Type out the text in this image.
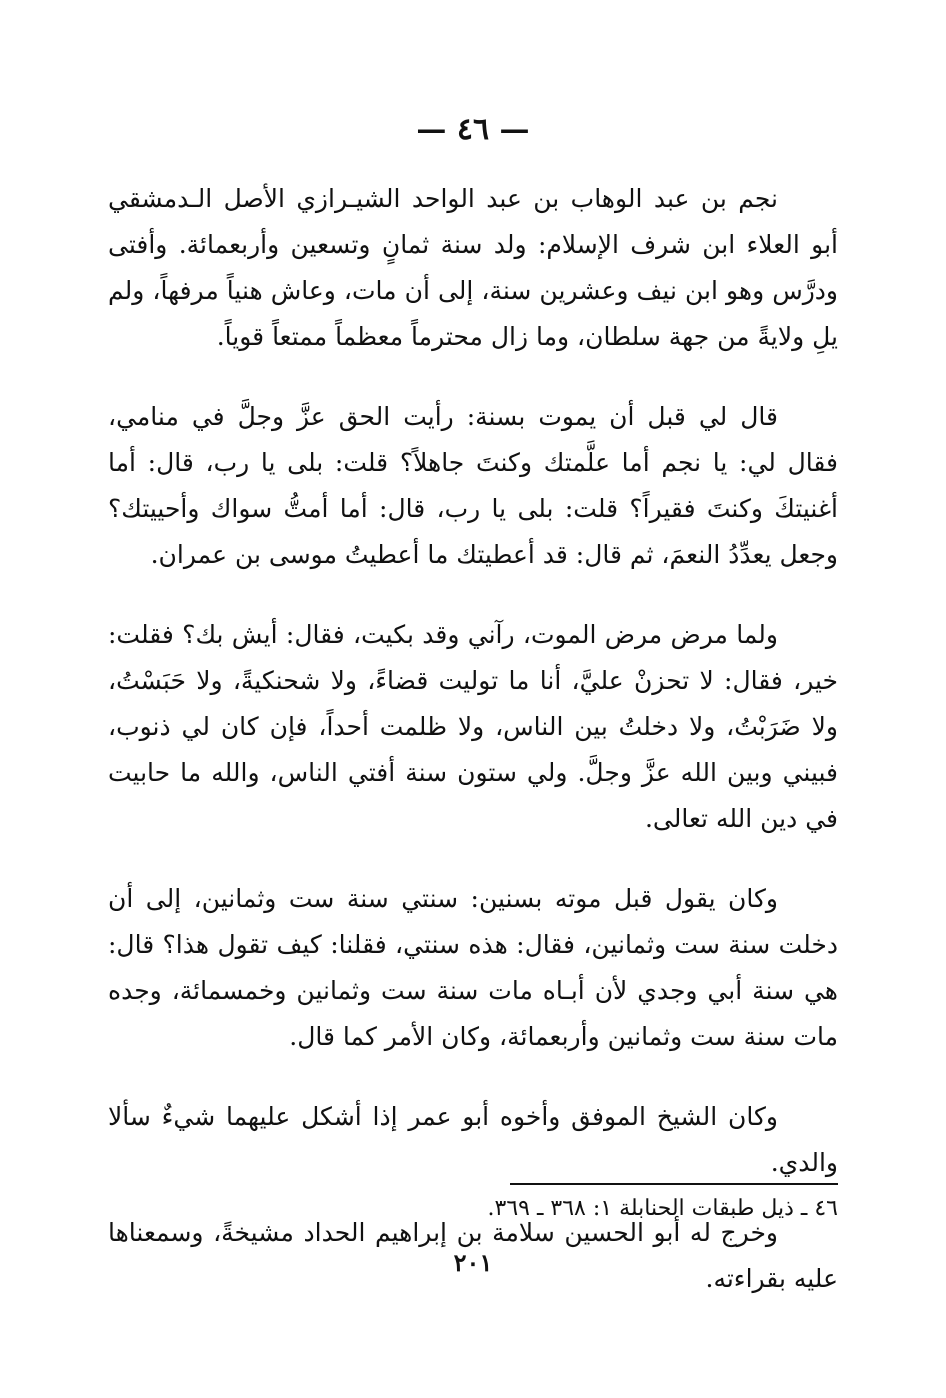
— ٤٦ —

نجم بن عبد الوهاب بن عبد الواحد الشيـرازي الأصل الـدمشقي أبو العلاء ابن شرف الإسلام: ولد سنة ثمانٍ وتسعين وأربعمائة. وأفتى ودرَّس وهو ابن نيف وعشرين سنة، إلى أن مات، وعاش هنياً مرفهاً، ولم يلِ ولايةً من جهة سلطان، وما زال محترماً معظماً ممتعاً قوياً.

قال لي قبل أن يموت بسنة: رأيت الحق عزَّ وجلَّ في منامي، فقال لي: يا نجم أما علَّمتك وكنتَ جاهلاً؟ قلت: بلى يا رب، قال: أما أغنيتكَ وكنتَ فقيراً؟ قلت: بلى يا رب، قال: أما أمتُّ سواك وأحييتك؟ وجعل يعدِّدُ النعمَ، ثم قال: قد أعطيتك ما أعطيتُ موسى بن عمران.

ولما مرض مرض الموت، رآني وقد بكيت، فقال: أيش بك؟ فقلت: خير، فقال: لا تحزنْ عليَّ، أنا ما توليت قضاءً، ولا شحنكيةً، ولا حَبَسْتُ، ولا ضَرَبْتُ، ولا دخلتُ بين الناس، ولا ظلمت أحداً، فإن كان لي ذنوب، فبيني وبين الله عزَّ وجلَّ. ولي ستون سنة أفتي الناس، والله ما حابيت في دين الله تعالى.

وكان يقول قبل موته بسنين: سنتي سنة ست وثمانين، إلى أن دخلت سنة ست وثمانين، فقال: هذه سنتي، فقلنا: كيف تقول هذا؟ قال: هي سنة أبي وجدي لأن أبـاه مات سنة ست وثمانين وخمسمائة، وجده مات سنة ست وثمانين وأربعمائة، وكان الأمر كما قال.

وكان الشيخ الموفق وأخوه أبو عمر إذا أشكل عليهما شيءٌ سألا والدي.

وخرج له أبو الحسين سلامة بن إبراهيم الحداد مشيخةً، وسمعناها عليه بقراءته.

٤٦ ـ ذيل طبقات الحنابلة ١: ٣٦٨ ـ ٣٦٩.
٢٠١
